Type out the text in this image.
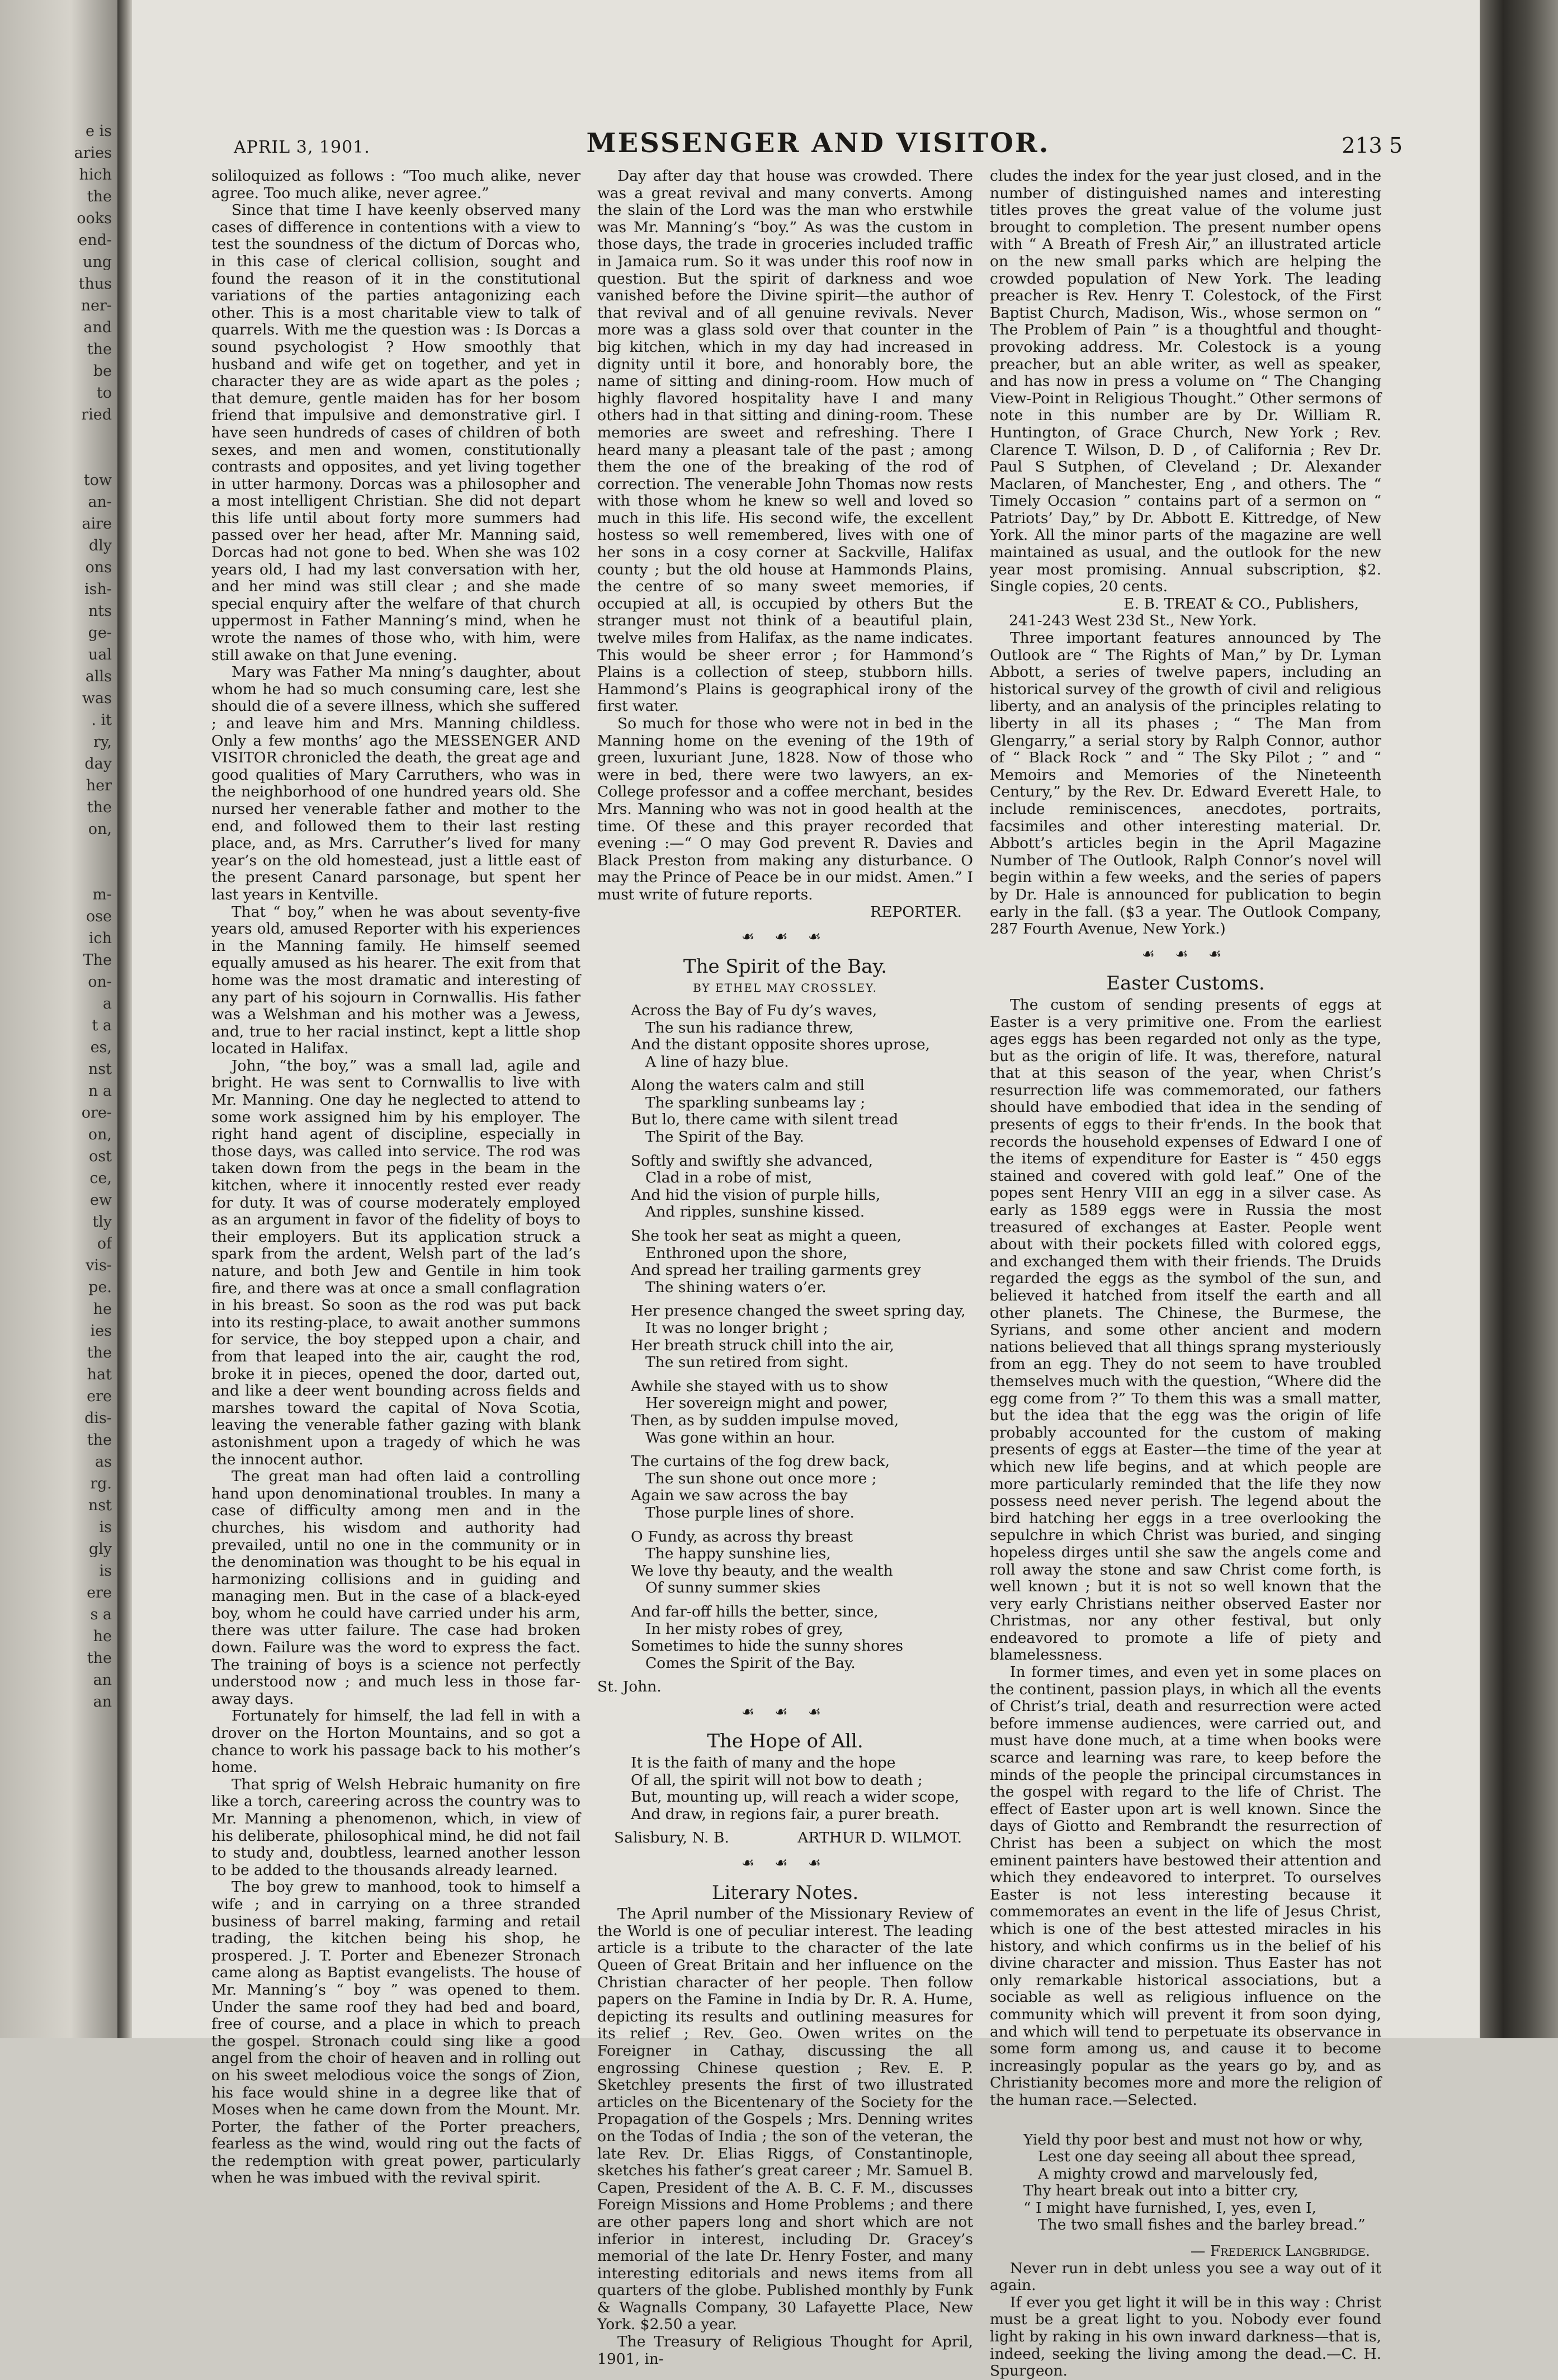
e is
aries
hich
the
ooks
end-
ung
thus
ner-
and
the
be
to
ried

tow
an-
aire
dly
ons
ish-
nts
ge-
ual
alls
was
. it
ry,
day
her
the
on,

m-
ose
ich
The
on-
a
t a
es,
nst
n a
ore-
on,
ost
ce,
ew
tly
of
vis-
pe.
he
ies
the
hat
ere
dis-
the
as
rg.
nst
is
gly
is
ere
s a
he
the
an
an
APRIL 3, 1901.	MESSENGER AND VISITOR.	213 5

soliloquized as follows : “Too much alike, never agree. Too much alike, never agree.”

Since that time I have keenly observed many cases of difference in contentions with a view to test the soundness of the dictum of Dorcas who, in this case of clerical collision, sought and found the reason of it in the constitutional variations of the parties antagonizing each other. This is a most charitable view to talk of quarrels. With me the question was : Is Dorcas a sound psychologist ? How smoothly that husband and wife get on together, and yet in character they are as wide apart as the poles ; that demure, gentle maiden has for her bosom friend that impulsive and demonstrative girl. I have seen hundreds of cases of children of both sexes, and men and women, constitutionally contrasts and opposites, and yet living together in utter harmony. Dorcas was a philosopher and a most intelligent Christian. She did not depart this life until about forty more summers had passed over her head, after Mr. Manning said, Dorcas had not gone to bed. When she was 102 years old, I had my last conversation with her, and her mind was still clear ; and she made special enquiry after the welfare of that church uppermost in Father Manning’s mind, when he wrote the names of those who, with him, were still awake on that June evening.

Mary was Father Ma nning’s daughter, about whom he had so much consuming care, lest she should die of a severe illness, which she suffered ; and leave him and Mrs. Manning childless. Only a few months’ ago the MESSENGER AND VISITOR chronicled the death, the great age and good qualities of Mary Carruthers, who was in the neighborhood of one hundred years old. She nursed her venerable father and mother to the end, and followed them to their last resting place, and, as Mrs. Carruther’s lived for many year’s on the old homestead, just a little east of the present Canard parsonage, but spent her last years in Kentville.

That “ boy,” when he was about seventy-five years old, amused Reporter with his experiences in the Manning family. He himself seemed equally amused as his hearer. The exit from that home was the most dramatic and interesting of any part of his sojourn in Cornwallis. His father was a Welshman and his mother was a Jewess, and, true to her racial instinct, kept a little shop located in Halifax.

John, “the boy,” was a small lad, agile and bright. He was sent to Cornwallis to live with Mr. Manning. One day he neglected to attend to some work assigned him by his employer. The right hand agent of discipline, especially in those days, was called into service. The rod was taken down from the pegs in the beam in the kitchen, where it innocently rested ever ready for duty. It was of course moderately employed as an argument in favor of the fidelity of boys to their employers. But its application struck a spark from the ardent, Welsh part of the lad’s nature, and both Jew and Gentile in him took fire, and there was at once a small conflagration in his breast. So soon as the rod was put back into its resting-place, to await another summons for service, the boy stepped upon a chair, and from that leaped into the air, caught the rod, broke it in pieces, opened the door, darted out, and like a deer went bounding across fields and marshes toward the capital of Nova Scotia, leaving the venerable father gazing with blank astonishment upon a tragedy of which he was the innocent author.

The great man had often laid a controlling hand upon denominational troubles. In many a case of difficulty among men and in the churches, his wisdom and authority had prevailed, until no one in the community or in the denomination was thought to be his equal in harmonizing collisions and in guiding and managing men. But in the case of a black-eyed boy, whom he could have carried under his arm, there was utter failure. The case had broken down. Failure was the word to express the fact. The training of boys is a science not perfectly understood now ; and much less in those far-away days.

Fortunately for himself, the lad fell in with a drover on the Horton Mountains, and so got a chance to work his passage back to his mother’s home.

That sprig of Welsh Hebraic humanity on fire like a torch, careering across the country was to Mr. Manning a phenomenon, which, in view of his deliberate, philosophical mind, he did not fail to study and, doubtless, learned another lesson to be added to the thousands already learned.

The boy grew to manhood, took to himself a wife ; and in carrying on a three stranded business of barrel making, farming and retail trading, the kitchen being his shop, he prospered. J. T. Porter and Ebenezer Stronach came along as Baptist evangelists. The house of Mr. Manning’s “ boy ” was opened to them. Under the same roof they had bed and board, free of course, and a place in which to preach the gospel. Stronach could sing like a good angel from the choir of heaven and in rolling out on his sweet melodious voice the songs of Zion, his face would shine in a degree like that of Moses when he came down from the Mount. Mr. Porter, the father of the Porter preachers, fearless as the wind, would ring out the facts of the redemption with great power, particularly when he was imbued with the revival spirit.

Day after day that house was crowded. There was a great revival and many converts. Among the slain of the Lord was the man who erstwhile was Mr. Manning’s “boy.” As was the custom in those days, the trade in groceries included traffic in Jamaica rum. So it was under this roof now in question. But the spirit of darkness and woe vanished before the Divine spirit—the author of that revival and of all genuine revivals. Never more was a glass sold over that counter in the big kitchen, which in my day had increased in dignity until it bore, and honorably bore, the name of sitting and dining-room. How much of highly flavored hospitality have I and many others had in that sitting and dining-room. These memories are sweet and refreshing. There I heard many a pleasant tale of the past ; among them the one of the breaking of the rod of correction. The venerable John Thomas now rests with those whom he knew so well and loved so much in this life. His second wife, the excellent hostess so well remembered, lives with one of her sons in a cosy corner at Sackville, Halifax county ; but the old house at Hammonds Plains, the centre of so many sweet memories, if occupied at all, is occupied by others But the stranger must not think of a beautiful plain, twelve miles from Halifax, as the name indicates. This would be sheer error ; for Hammond’s Plains is a collection of steep, stubborn hills. Hammond’s Plains is geographical irony of the first water.

So much for those who were not in bed in the Manning home on the evening of the 19th of green, luxuriant June, 1828. Now of those who were in bed, there were two lawyers, an ex-College professor and a coffee merchant, besides Mrs. Manning who was not in good health at the time. Of these and this prayer recorded that evening :—“ O may God prevent R. Davies and Black Preston from making any disturbance. O may the Prince of Peace be in our midst. Amen.” I must write of future reports.

REPORTER.
☙ ☙ ☙
The Spirit of the Bay.
BY ETHEL MAY CROSSLEY.
Across the Bay of Fu dy’s waves,
The sun his radiance threw,
And the distant opposite shores uprose,
A line of hazy blue.
Along the waters calm and still
The sparkling sunbeams lay ;
But lo, there came with silent tread
The Spirit of the Bay.
Softly and swiftly she advanced,
Clad in a robe of mist,
And hid the vision of purple hills,
And ripples, sunshine kissed.
She took her seat as might a queen,
Enthroned upon the shore,
And spread her trailing garments grey
The shining waters o’er.
Her presence changed the sweet spring day,
It was no longer bright ;
Her breath struck chill into the air,
The sun retired from sight.
Awhile she stayed with us to show
Her sovereign might and power,
Then, as by sudden impulse moved,
Was gone within an hour.
The curtains of the fog drew back,
The sun shone out once more ;
Again we saw across the bay
Those purple lines of shore.
O Fundy, as across thy breast
The happy sunshine lies,
We love thy beauty, and the wealth
Of sunny summer skies
And far-off hills the better, since,
In her misty robes of grey,
Sometimes to hide the sunny shores
Comes the Spirit of the Bay.

St. John.

☙ ☙ ☙
The Hope of All.
It is the faith of many and the hope
Of all, the spirit will not bow to death ;
But, mounting up, will reach a wider scope,
And draw, in regions fair, a purer breath.
Salisbury, N. B.	ARTHUR D. WILMOT.
☙ ☙ ☙
Literary Notes.

The April number of the Missionary Review of the World is one of peculiar interest. The leading article is a tribute to the character of the late Queen of Great Britain and her influence on the Christian character of her people. Then follow papers on the Famine in India by Dr. R. A. Hume, depicting its results and outlining measures for its relief ; Rev. Geo. Owen writes on the Foreigner in Cathay, discussing the all engrossing Chinese question ; Rev. E. P. Sketchley presents the first of two illustrated articles on the Bicentenary of the Society for the Propagation of the Gospels ; Mrs. Denning writes on the Todas of India ; the son of the veteran, the late Rev. Dr. Elias Riggs, of Constantinople, sketches his father’s great career ; Mr. Samuel B. Capen, President of the A. B. C. F. M., discusses Foreign Missions and Home Problems ; and there are other papers long and short which are not inferior in interest, including Dr. Gracey’s memorial of the late Dr. Henry Foster, and many interesting editorials and news items from all quarters of the globe. Published monthly by Funk & Wagnalls Company, 30 Lafayette Place, New York. $2.50 a year.

The Treasury of Religious Thought for April, 1901, in-

cludes the index for the year just closed, and in the number of distinguished names and interesting titles proves the great value of the volume just brought to completion. The present number opens with “ A Breath of Fresh Air,” an illustrated article on the new small parks which are helping the crowded population of New York. The leading preacher is Rev. Henry T. Colestock, of the First Baptist Church, Madison, Wis., whose sermon on “ The Problem of Pain ” is a thoughtful and thought-provoking address. Mr. Colestock is a young preacher, but an able writer, as well as speaker, and has now in press a volume on “ The Changing View-Point in Religious Thought.” Other sermons of note in this number are by Dr. William R. Huntington, of Grace Church, New York ; Rev. Clarence T. Wilson, D. D , of California ; Rev Dr. Paul S Sutphen, of Cleveland ; Dr. Alexander Maclaren, of Manchester, Eng , and others. The “ Timely Occasion ” contains part of a sermon on “ Patriots’ Day,” by Dr. Abbott E. Kittredge, of New York. All the minor parts of the magazine are well maintained as usual, and the outlook for the new year most promising. Annual subscription, $2. Single copies, 20 cents.

E. B. TREAT & CO., Publishers,
241-243 West 23d St., New York.

Three important features announced by The Outlook are “ The Rights of Man,” by Dr. Lyman Abbott, a series of twelve papers, including an historical survey of the growth of civil and religious liberty, and an analysis of the principles relating to liberty in all its phases ; “ The Man from Glengarry,” a serial story by Ralph Connor, author of “ Black Rock ” and “ The Sky Pilot ; ” and “ Memoirs and Memories of the Nineteenth Century,” by the Rev. Dr. Edward Everett Hale, to include reminiscences, anecdotes, portraits, facsimiles and other interesting material. Dr. Abbott’s articles begin in the April Magazine Number of The Outlook, Ralph Connor’s novel will begin within a few weeks, and the series of papers by Dr. Hale is announced for publication to begin early in the fall. ($3 a year. The Outlook Company, 287 Fourth Avenue, New York.)

☙ ☙ ☙
Easter Customs.

The custom of sending presents of eggs at Easter is a very primitive one. From the earliest ages eggs has been regarded not only as the type, but as the origin of life. It was, therefore, natural that at this season of the year, when Christ’s resurrection life was commemorated, our fathers should have embodied that idea in the sending of presents of eggs to their fr'ends. In the book that records the household expenses of Edward I one of the items of expenditure for Easter is “ 450 eggs stained and covered with gold leaf.” One of the popes sent Henry VIII an egg in a silver case. As early as 1589 eggs were in Russia the most treasured of exchanges at Easter. People went about with their pockets filled with colored eggs, and exchanged them with their friends. The Druids regarded the eggs as the symbol of the sun, and believed it hatched from itself the earth and all other planets. The Chinese, the Burmese, the Syrians, and some other ancient and modern nations believed that all things sprang mysteriously from an egg. They do not seem to have troubled themselves much with the question, “Where did the egg come from ?” To them this was a small matter, but the idea that the egg was the origin of life probably accounted for the custom of making presents of eggs at Easter—the time of the year at which new life begins, and at which people are more particularly reminded that the life they now possess need never perish. The legend about the bird hatching her eggs in a tree overlooking the sepulchre in which Christ was buried, and singing hopeless dirges until she saw the angels come and roll away the stone and saw Christ come forth, is well known ; but it is not so well known that the very early Christians neither observed Easter nor Christmas, nor any other festival, but only endeavored to promote a life of piety and blamelessness.

In former times, and even yet in some places on the continent, passion plays, in which all the events of Christ’s trial, death and resurrection were acted before immense audiences, were carried out, and must have done much, at a time when books were scarce and learning was rare, to keep before the minds of the people the principal circumstances in the gospel with regard to the life of Christ. The effect of Easter upon art is well known. Since the days of Giotto and Rembrandt the resurrection of Christ has been a subject on which the most eminent painters have bestowed their attention and which they endeavored to interpret. To ourselves Easter is not less interesting because it commemorates an event in the life of Jesus Christ, which is one of the best attested miracles in his history, and which confirms us in the belief of his divine character and mission. Thus Easter has not only remarkable historical associations, but a sociable as well as religious influence on the community which will prevent it from soon dying, and which will tend to perpetuate its observance in some form among us, and cause it to become increasingly popular as the years go by, and as Christianity becomes more and more the religion of the human race.—Selected.

Yield thy poor best and must not how or why,
Lest one day seeing all about thee spread,
A mighty crowd and marvelously fed,
Thy heart break out into a bitter cry,
“ I might have furnished, I, yes, even I,
The two small fishes and the barley bread.”
— Frederick Langbridge.

Never run in debt unless you see a way out of it again.

If ever you get light it will be in this way : Christ must be a great light to you. Nobody ever found light by raking in his own inward darkness—that is, indeed, seeking the living among the dead.—C. H. Spurgeon.
